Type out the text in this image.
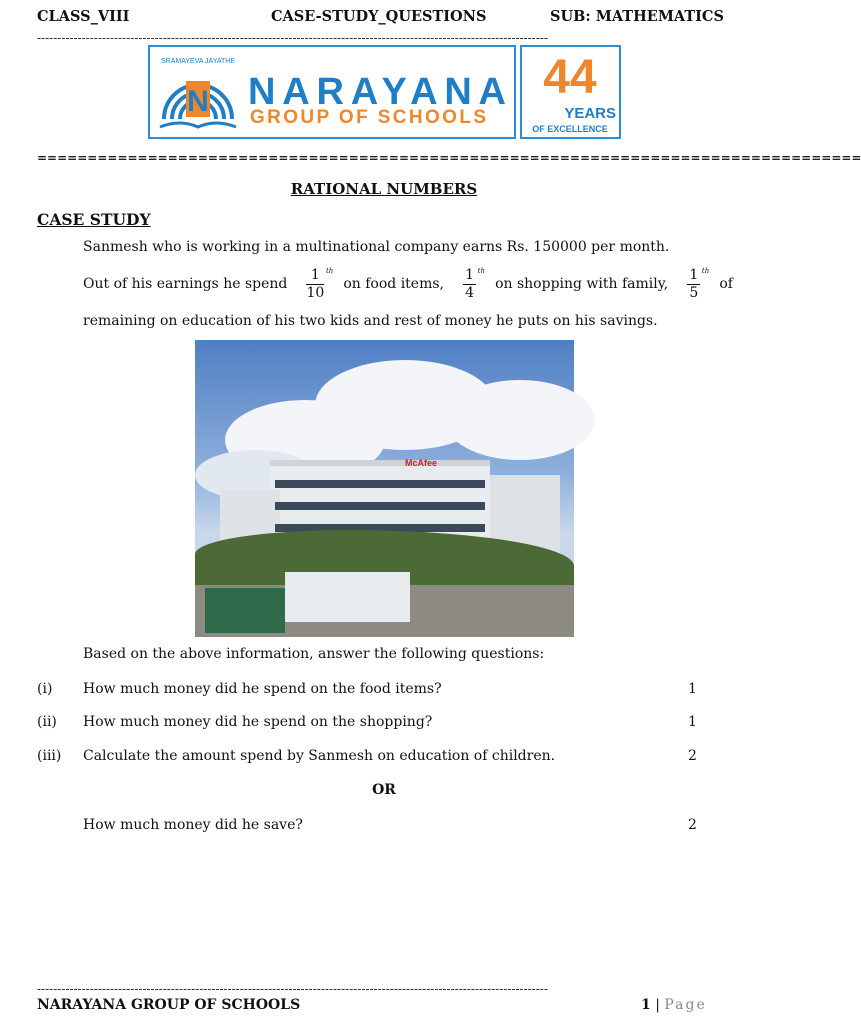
CLASS_VIII	CASE-STUDY_QUESTIONS	SUB: MATHEMATICS
------------------------------------------------------------------------------------------------------------------------------
N
SRAMAYEVA JAYATHE
NARAYANA
GROUP OF SCHOOLS
44
YEARS
OF EXCELLENCE
==================================================================================
RATIONAL NUMBERS
CASE STUDY
Sanmesh who is working in a multinational company earns Rs. 150000 per month.
Out of his earnings he spend
1
10
th
on food items,
1
4
th
on shopping with family,
1
5
th
of
remaining on education of his two kids and rest of money he puts on his savings.
McAfee
Based on the above information, answer the following questions:
(i) How much money did he spend on the food items?	1
(ii) How much money did he spend on the shopping?	1
(iii) Calculate the amount spend by Sanmesh on education of children.	2
OR
How much money did he save?	2
------------------------------------------------------------------------------------------------------------------------------
NARAYANA GROUP OF SCHOOLS	1 | Page
